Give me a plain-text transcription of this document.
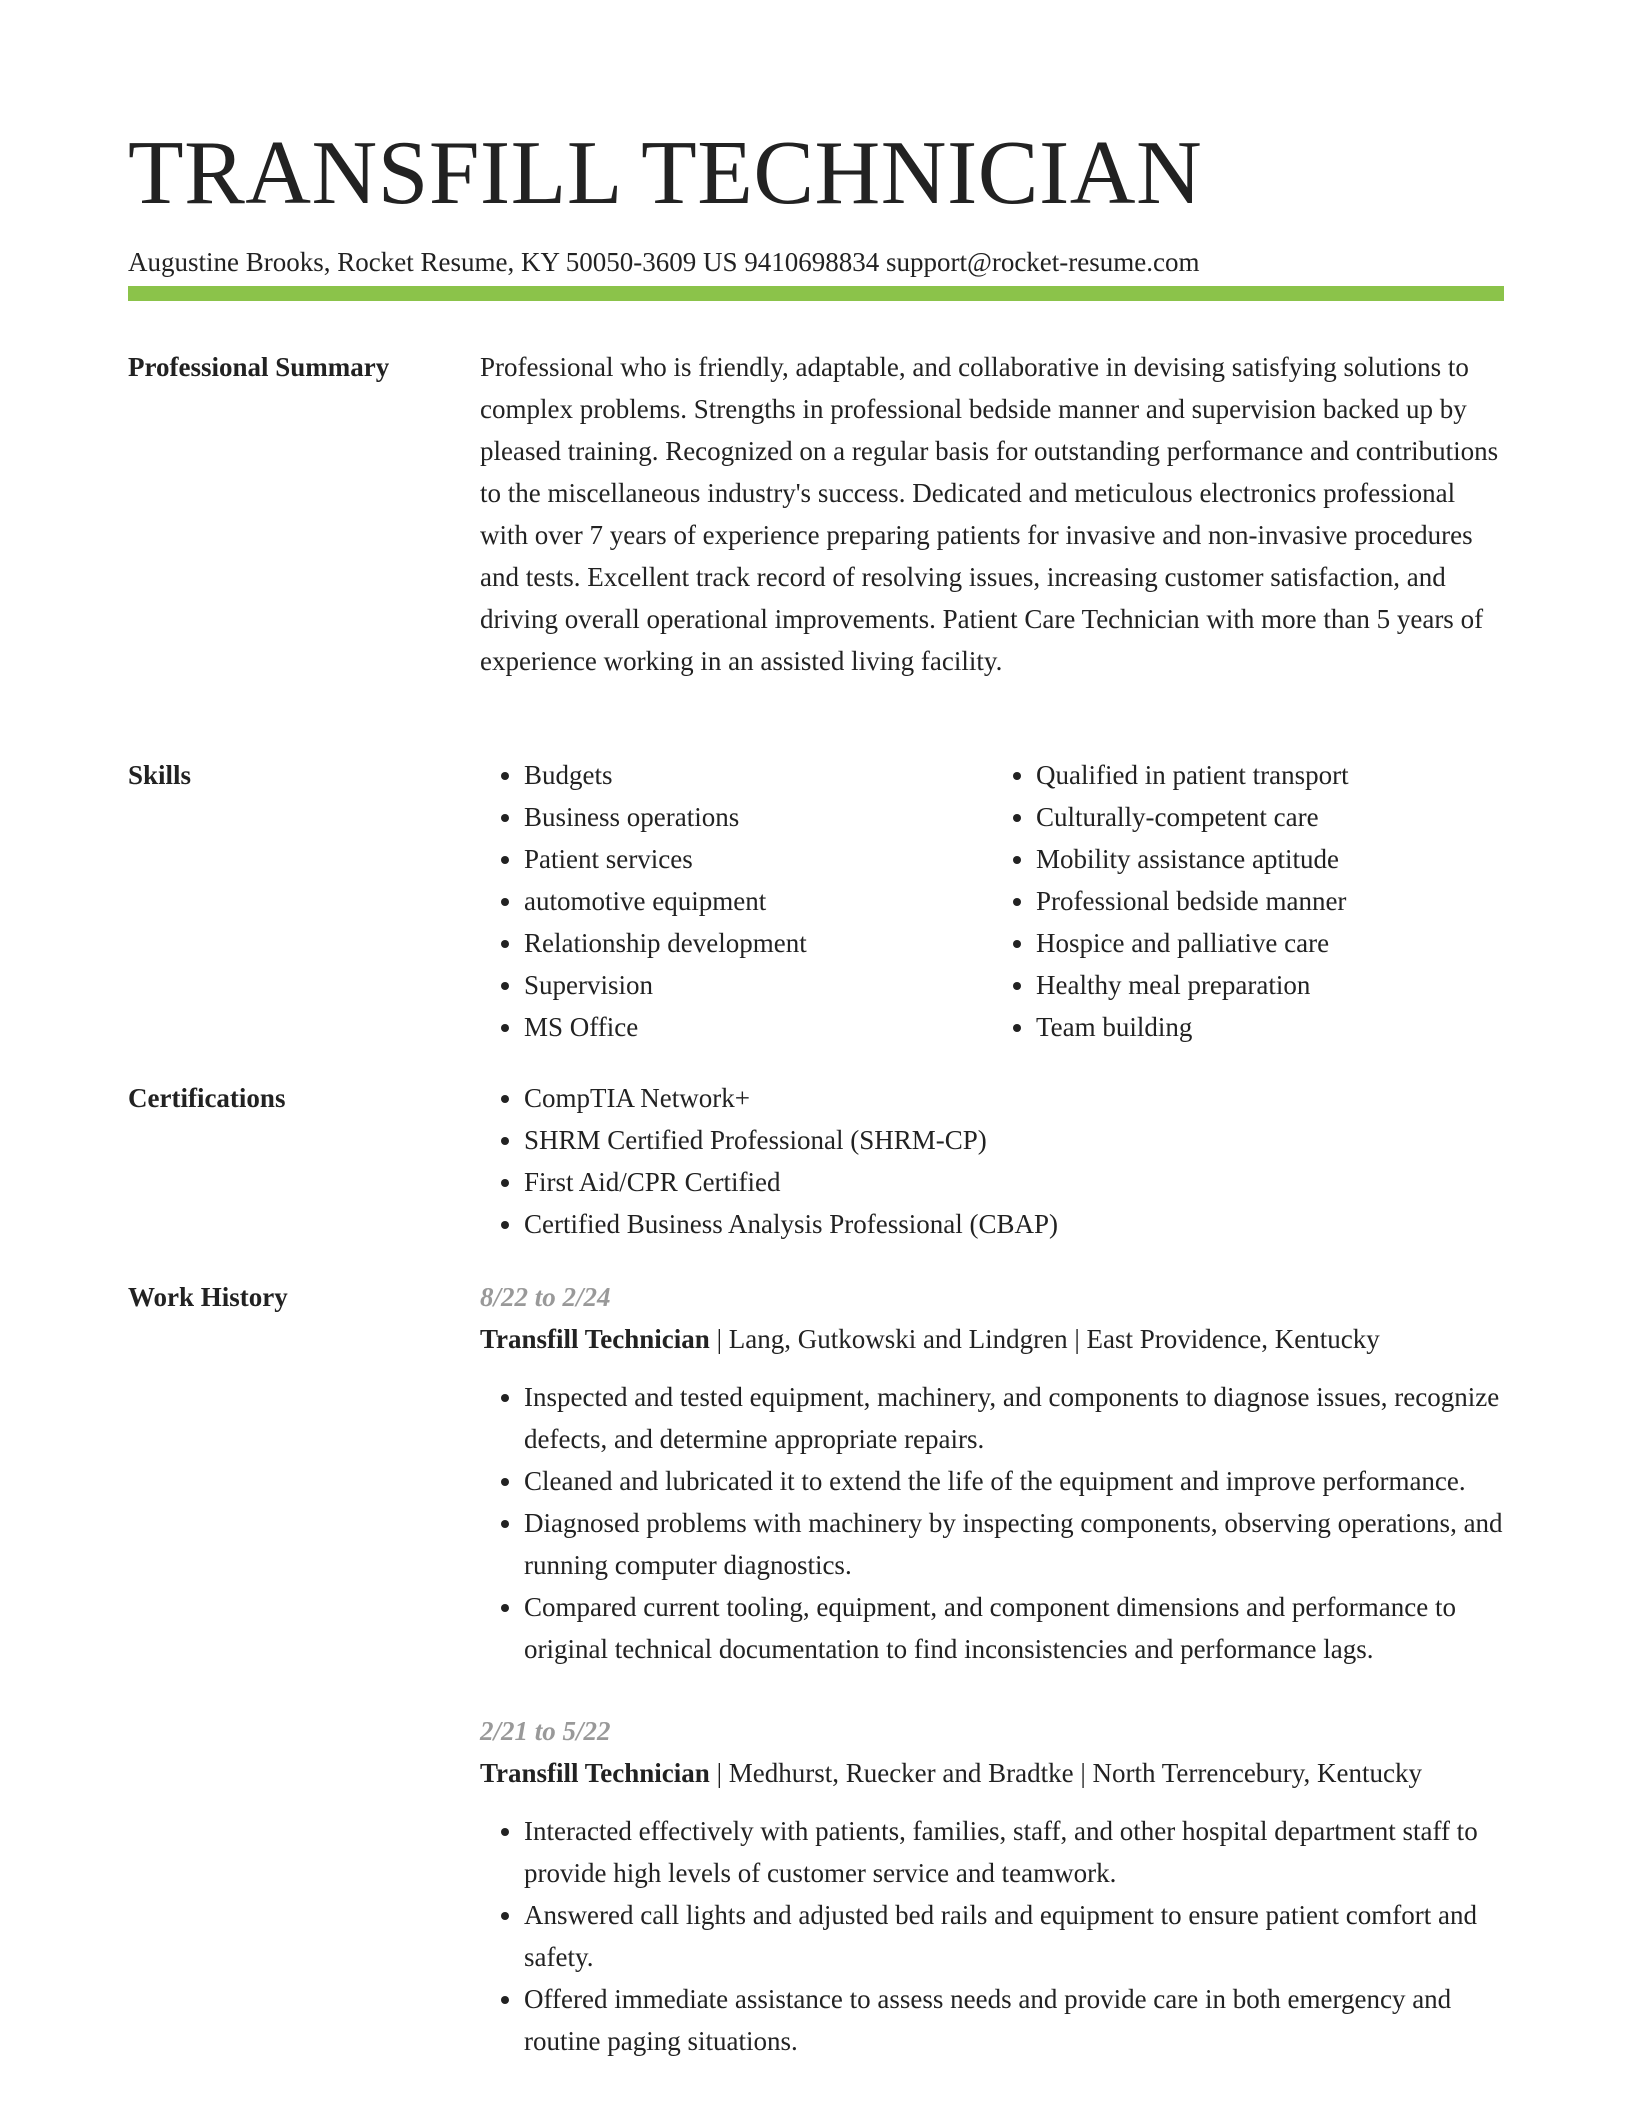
TRANSFILL TECHNICIAN
Augustine Brooks, Rocket Resume, KY 50050-3609 US 9410698834 support@rocket-resume.com
Professional Summary	Professional who is friendly, adaptable, and collaborative in devising satisfying solutions to complex problems. Strengths in professional bedside manner and supervision backed up by pleased training. Recognized on a regular basis for outstanding performance and contributions to the miscellaneous industry's success. Dedicated and meticulous electronics professional with over 7 years of experience preparing patients for invasive and non-invasive procedures and tests. Excellent track record of resolving issues, increasing customer satisfaction, and driving overall operational improvements. Patient Care Technician with more than 5 years of experience working in an assisted living facility.

Skills	• Budgets
• Business operations
• Patient services
• automotive equipment
• Relationship development
• Supervision
• MS Office
• Qualified in patient transport
• Culturally-competent care
• Mobility assistance aptitude
• Professional bedside manner
• Hospice and palliative care
• Healthy meal preparation
• Team building
Certifications	• CompTIA Network+
• SHRM Certified Professional (SHRM-CP)
• First Aid/CPR Certified
• Certified Business Analysis Professional (CBAP)
Work History	8/22 to 2/24
Transfill Technician | Lang, Gutkowski and Lindgren | East Providence, Kentucky
• Inspected and tested equipment, machinery, and components to diagnose issues, recognize defects, and determine appropriate repairs.
• Cleaned and lubricated it to extend the life of the equipment and improve performance.
• Diagnosed problems with machinery by inspecting components, observing operations, and running computer diagnostics.
• Compared current tooling, equipment, and component dimensions and performance to original technical documentation to find inconsistencies and performance lags.
2/21 to 5/22
Transfill Technician | Medhurst, Ruecker and Bradtke | North Terrencebury, Kentucky
• Interacted effectively with patients, families, staff, and other hospital department staff to provide high levels of customer service and teamwork.
• Answered call lights and adjusted bed rails and equipment to ensure patient comfort and safety.
• Offered immediate assistance to assess needs and provide care in both emergency and routine paging situations.
